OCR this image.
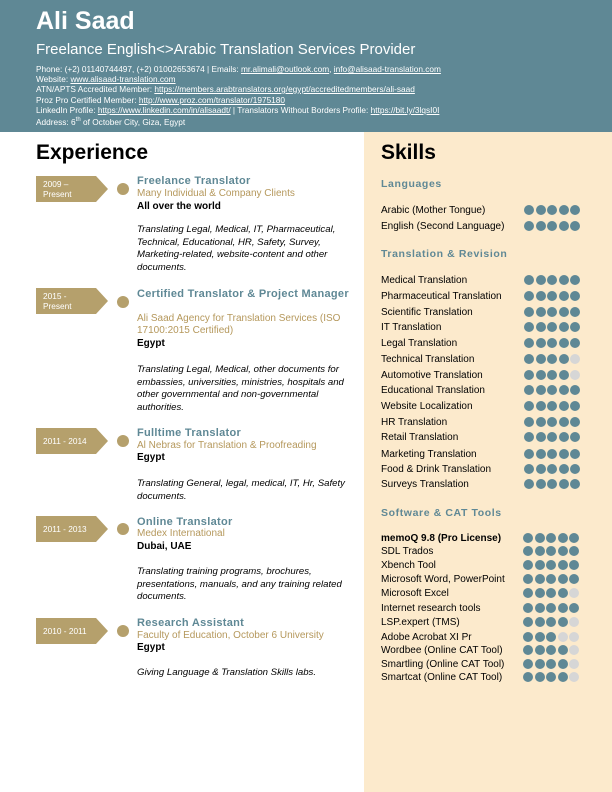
Ali Saad
Freelance English<>Arabic Translation Services Provider
Phone: (+2) 01140744497, (+2) 01002653674 | Emails: mr.alimali@outlook.com, info@alisaad-translation.com
Website: www.alisaad-translation.com
ATN/APTS Accredited Member: https://members.arabtranslators.org/egypt/accreditedmembers/ali-saad
Proz Pro Certified Member: http://www.proz.com/translator/1975180
LinkedIn Profile: https://www.linkedin.com/in/alisaadt/ | Translators Without Borders Profile: https://bit.ly/3lqsI0I
Address: 6th of October City, Giza, Egypt
Experience	Skills
2009 –
Present
Freelance Translator
Many Individual & Company Clients
All over the world
Translating Legal, Medical, IT, Pharmaceutical, Technical, Educational, HR, Safety, Survey, Marketing-related, website-content and other documents.
2015 -
Present
Certified Translator & Project Manager
Ali Saad Agency for Translation Services (ISO 17100:2015 Certified)
Egypt
Translating Legal, Medical, other documents for embassies, universities, ministries, hospitals and other governmental and non-governmental authorities.
2011 - 2014
Fulltime Translator
Al Nebras for Translation & Proofreading
Egypt
Translating General, legal, medical, IT, Hr, Safety documents.
2011 - 2013
Online Translator
Medex International
Dubai, UAE
Translating training programs, brochures, presentations, manuals, and any training related documents.
2010 - 2011
Research Assistant
Faculty of Education, October 6 University
Egypt
Giving Language & Translation Skills labs.
Languages
Arabic (Mother Tongue)
English (Second Language)
Translation & Revision
Medical Translation
Pharmaceutical Translation
Scientific Translation
IT Translation
Legal Translation
Technical Translation
Automotive Translation
Educational Translation
Website Localization
HR Translation
Retail Translation
Marketing Translation
Food & Drink Translation
Surveys Translation
Software & CAT Tools
memoQ 9.8 (Pro License)
SDL Trados
Xbench Tool
Microsoft Word, PowerPoint
Microsoft Excel
Internet research tools
LSP.expert (TMS)
Adobe Acrobat XI Pr
Wordbee (Online CAT Tool)
Smartling (Online CAT Tool)
Smartcat (Online CAT Tool)
